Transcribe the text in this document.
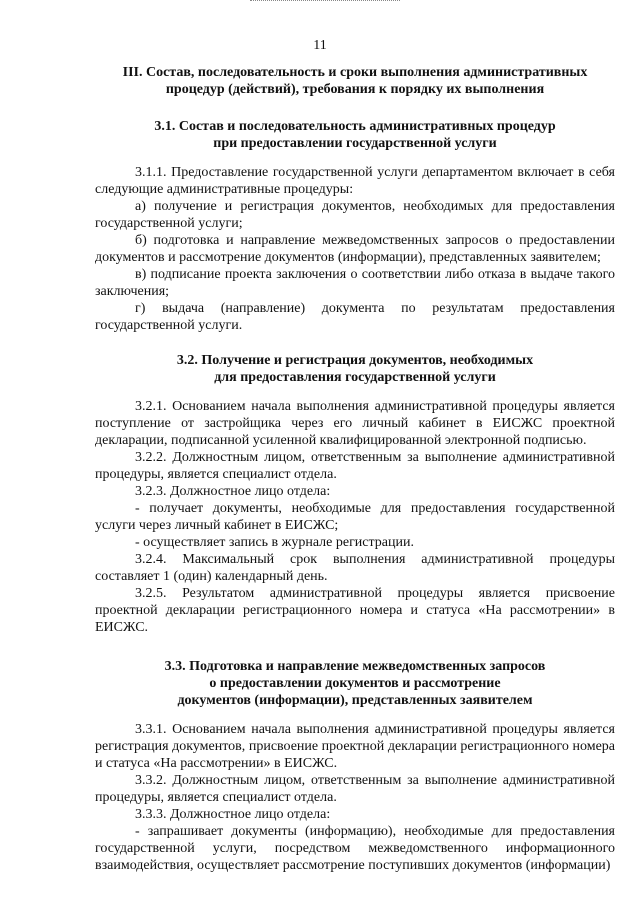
11
III. Состав, последовательность и сроки выполнения административных
процедур (действий), требования к порядку их выполнения
3.1. Состав и последовательность административных процедур
при предоставлении государственной услуги

3.1.1. Предоставление государственной услуги департаментом включает в себя следующие административные процедуры:

а) получение и регистрация документов, необходимых для предоставления государственной услуги;

б) подготовка и направление межведомственных запросов о предоставлении документов и рассмотрение документов (информации), представленных заявителем;

в) подписание проекта заключения о соответствии либо отказа в выдаче такого заключения;

г) выдача (направление) документа по результатам предоставления государственной услуги.

3.2. Получение и регистрация документов, необходимых
для предоставления государственной услуги

3.2.1. Основанием начала выполнения административной процедуры является поступление от застройщика через его личный кабинет в ЕИСЖС проектной декларации, подписанной усиленной квалифицированной электронной подписью.

3.2.2. Должностным лицом, ответственным за выполнение административной процедуры, является специалист отдела.

3.2.3. Должностное лицо отдела:

- получает документы, необходимые для предоставления государственной услуги через личный кабинет в ЕИСЖС;

- осуществляет запись в журнале регистрации.

3.2.4. Максимальный срок выполнения административной процедуры составляет 1 (один) календарный день.

3.2.5. Результатом административной процедуры является присвоение проектной декларации регистрационного номера и статуса «На рассмотрении» в ЕИСЖС.

3.3. Подготовка и направление межведомственных запросов
о предоставлении документов и рассмотрение
документов (информации), представленных заявителем

3.3.1. Основанием начала выполнения административной процедуры является регистрация документов, присвоение проектной декларации регистрационного номера и статуса «На рассмотрении» в ЕИСЖС.

3.3.2. Должностным лицом, ответственным за выполнение административной процедуры, является специалист отдела.

3.3.3. Должностное лицо отдела:

- запрашивает документы (информацию), необходимые для предоставления государственной услуги, посредством межведомственного информационного взаимодействия, осуществляет рассмотрение поступивших документов (информации)
